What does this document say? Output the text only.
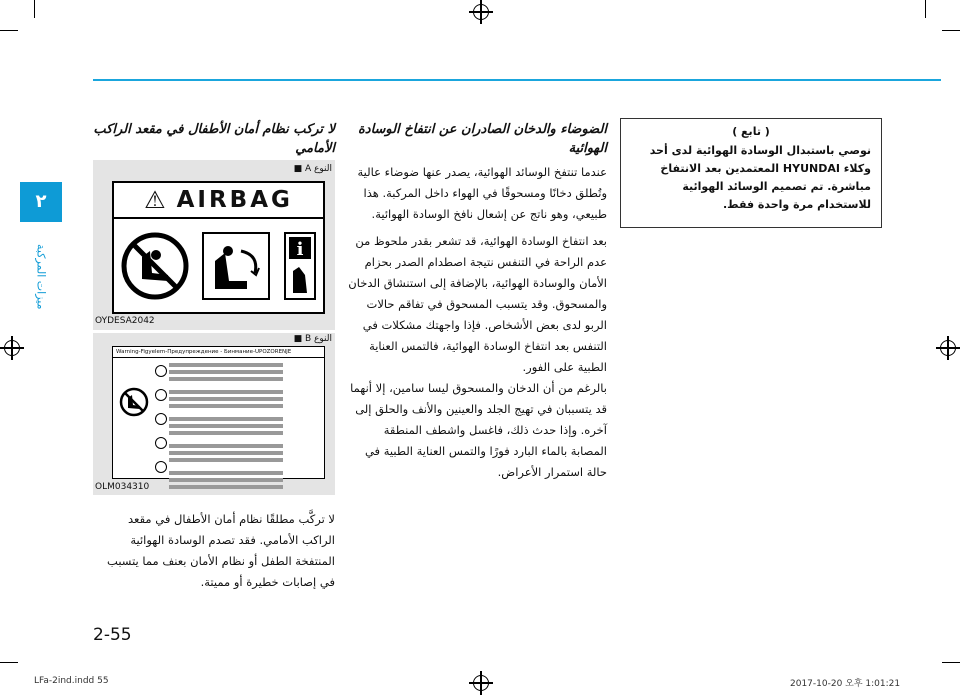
٢
ميزات المركبة
( تابع )

نوصي باستبدال الوسادة الهوائية لدى أحد وكلاء HYUNDAI المعتمدين بعد الانتفاخ مباشرة. تم تصميم الوسائد الهوائية للاستخدام مرة واحدة فقط.

الضوضاء والدخان الصادران عن انتفاخ الوسادة الهوائية
عندما تنتفخ الوسائد الهوائية، يصدر عنها ضوضاء عالية وتُطلق دخانًا ومسحوقًا في الهواء داخل المركبة. هذا طبيعي، وهو ناتج عن إشعال نافخ الوسادة الهوائية.
بعد انتفاخ الوسادة الهوائية، قد تشعر بقدر ملحوظ من عدم الراحة في التنفس نتيجة اصطدام الصدر بحزام الأمان والوسادة الهوائية، بالإضافة إلى استنشاق الدخان والمسحوق. وقد يتسبب المسحوق في تفاقم حالات الربو لدى بعض الأشخاص. فإذا واجهتك مشكلات في التنفس بعد انتفاخ الوسادة الهوائية، فالتمس العناية الطبية على الفور.
بالرغم من أن الدخان والمسحوق ليسا سامين، إلا أنهما قد يتسببان في تهيج الجلد والعينين والأنف والحلق إلى آخره. وإذا حدث ذلك، فاغسل واشطف المنطقة المصابة بالماء البارد فورًا والتمس العناية الطبية في حالة استمرار الأعراض.
لا تركب نظام أمان الأطفال في مقعد الراكب الأمامي
النوع A ■
⚠ AIRBAG
i
OYDESA2042
النوع B ■
Warning-Figyelem-Предупреждение - Бинмание-UPOZORENJE
OLM034310
لا تركَّب مطلقًا نظام أمان الأطفال في مقعد الراكب الأمامي. فقد تصدم الوسادة الهوائية المنتفخة الطفل أو نظام الأمان بعنف مما يتسبب في إصابات خطيرة أو مميتة.
2-55
LFa-2ind.indd 55	2017-10-20 오후 1:01:21
